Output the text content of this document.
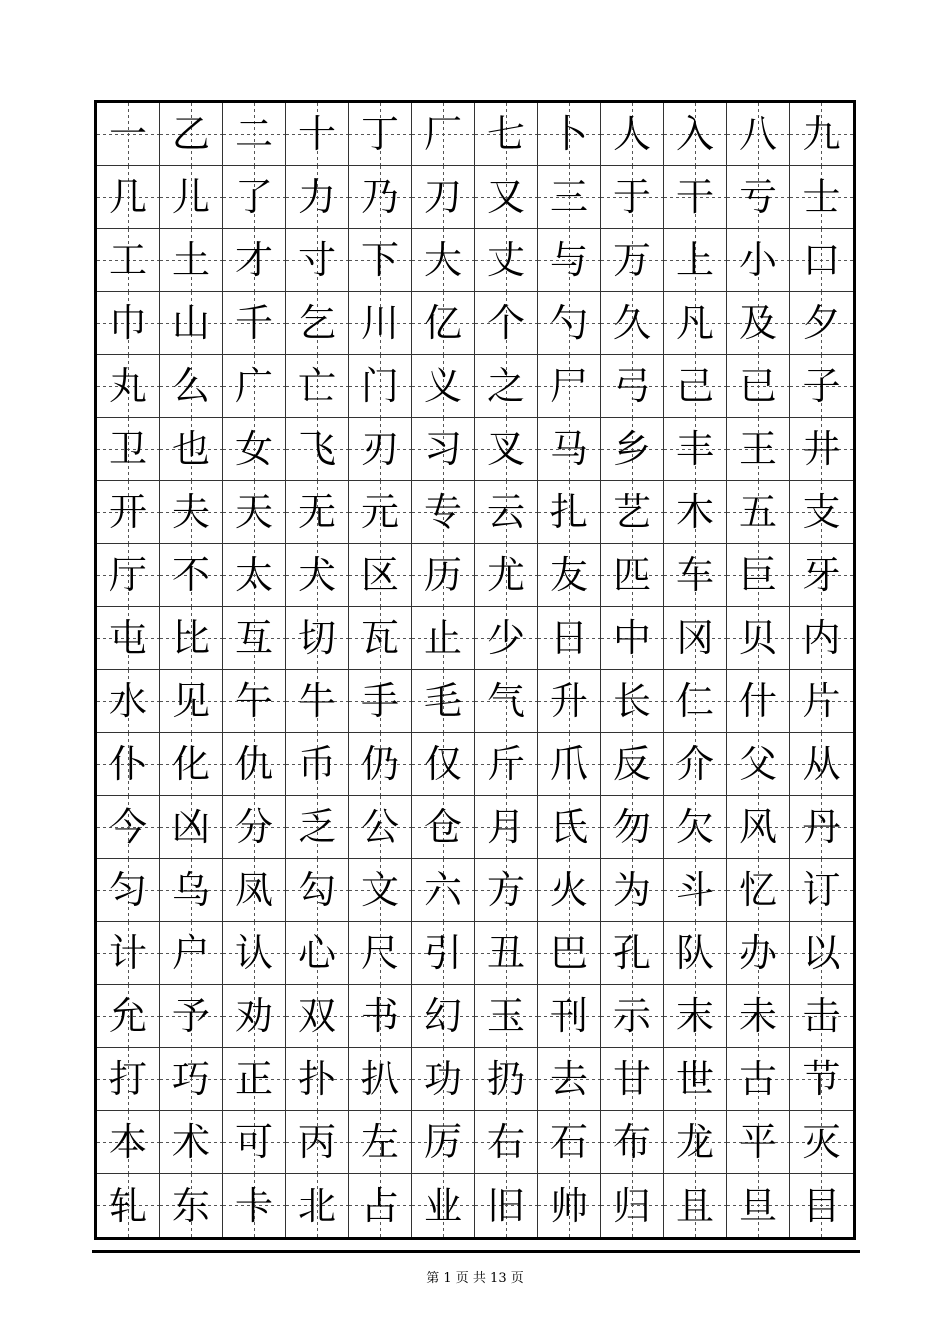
一 乙 二 十 丁 厂 七 卜 人 入 八 九
几 儿 了 力 乃 刀 又 三 于 干 亏 士
工 土 才 寸 下 大 丈 与 万 上 小 口
巾 山 千 乞 川 亿 个 勺 久 凡 及 夕
丸 么 广 亡 门 义 之 尸 弓 己 已 子
卫 也 女 飞 刃 习 叉 马 乡 丰 王 井
开 夫 天 无 元 专 云 扎 艺 木 五 支
厅 不 太 犬 区 历 尤 友 匹 车 巨 牙
屯 比 互 切 瓦 止 少 日 中 冈 贝 内
水 见 午 牛 手 毛 气 升 长 仁 什 片
仆 化 仇 币 仍 仅 斤 爪 反 介 父 从
今 凶 分 乏 公 仓 月 氏 勿 欠 风 丹
匀 乌 凤 勾 文 六 方 火 为 斗 忆 订
计 户 认 心 尺 引 丑 巴 孔 队 办 以
允 予 劝 双 书 幻 玉 刊 示 末 未 击
打 巧 正 扑 扒 功 扔 去 甘 世 古 节
本 术 可 丙 左 厉 右 石 布 龙 平 灭
轧 东 卡 北 占 业 旧 帅 归 且 旦 目
第 1 页 共 13 页
